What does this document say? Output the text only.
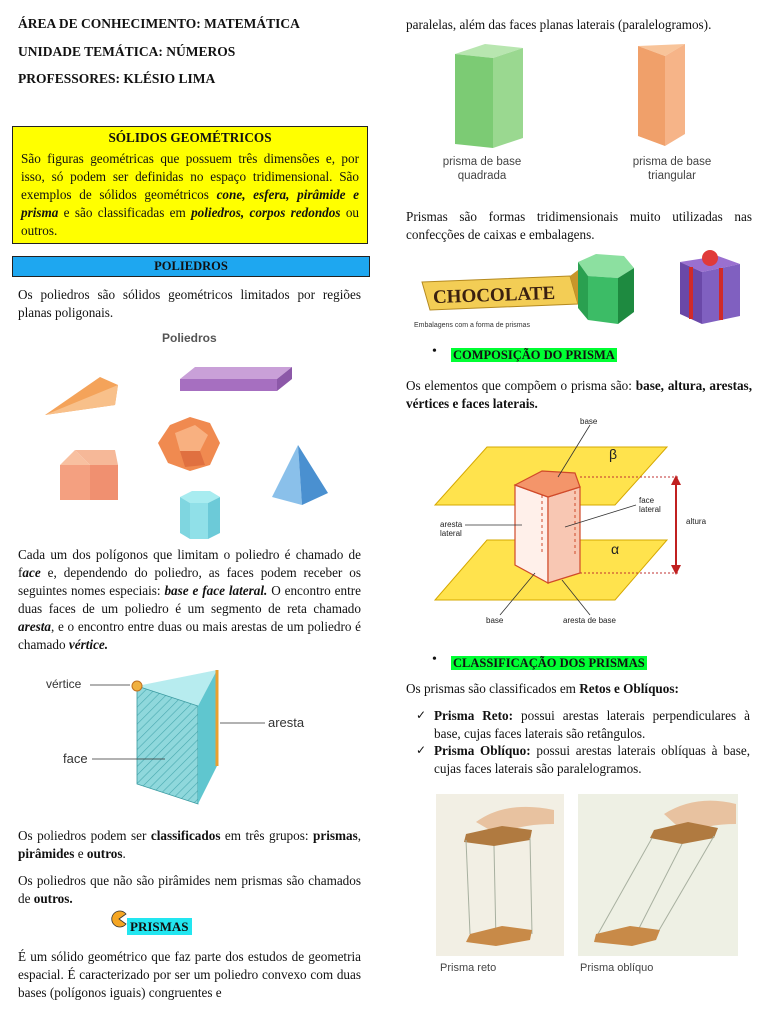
ÁREA DE CONHECIMENTO: MATEMÁTICA
UNIDADE TEMÁTICA: NÚMEROS
PROFESSORES: KLÉSIO LIMA
SÓLIDOS GEOMÉTRICOS
São figuras geométricas que possuem três dimensões e, por isso, só podem ser definidas no espaço tridimensional. São exemplos de sólidos geométricos cone, esfera, pirâmide e prisma e são classificadas em poliedros, corpos redondos ou outros.
POLIEDROS
Os poliedros são sólidos geométricos limitados por regiões planas poligonais.
Poliedros
Cada um dos polígonos que limitam o poliedro é chamado de face e, dependendo do poliedro, as faces podem receber os seguintes nomes especiais: base e face lateral. O encontro entre duas faces de um poliedro é um segmento de reta chamado aresta, e o encontro entre duas ou mais arestas de um poliedro é chamado vértice.
vértice
aresta
face
Os poliedros podem ser classificados em três grupos: prismas, pirâmides e outros.
Os poliedros que não são pirâmides nem prismas são chamados de outros.
PRISMAS
É um sólido geométrico que faz parte dos estudos de geometria espacial. É caracterizado por ser um poliedro convexo com duas bases (polígonos iguais) congruentes e
paralelas, além das faces planas laterais (paralelogramos).
prisma de base
quadrada
prisma de base
triangular
Prismas são formas tridimensionais muito utilizadas nas confecções de caixas e embalagens.
CHOCOLATE
Embalagens com a forma de prismas
• COMPOSIÇÃO DO PRISMA
Os elementos que compõem o prisma são: base, altura, arestas, vértices e faces laterais.
base
β
α
face
lateral
aresta
lateral
altura
base	aresta de base
• CLASSIFICAÇÃO DOS PRISMAS
Os prismas são classificados em Retos e Oblíquos:
✓ Prisma Reto: possui arestas laterais perpendiculares à base, cujas faces laterais são retângulos.
✓ Prisma Oblíquo: possui arestas laterais oblíquas à base, cujas faces laterais são paralelogramos.
Prisma reto	Prisma oblíquo
